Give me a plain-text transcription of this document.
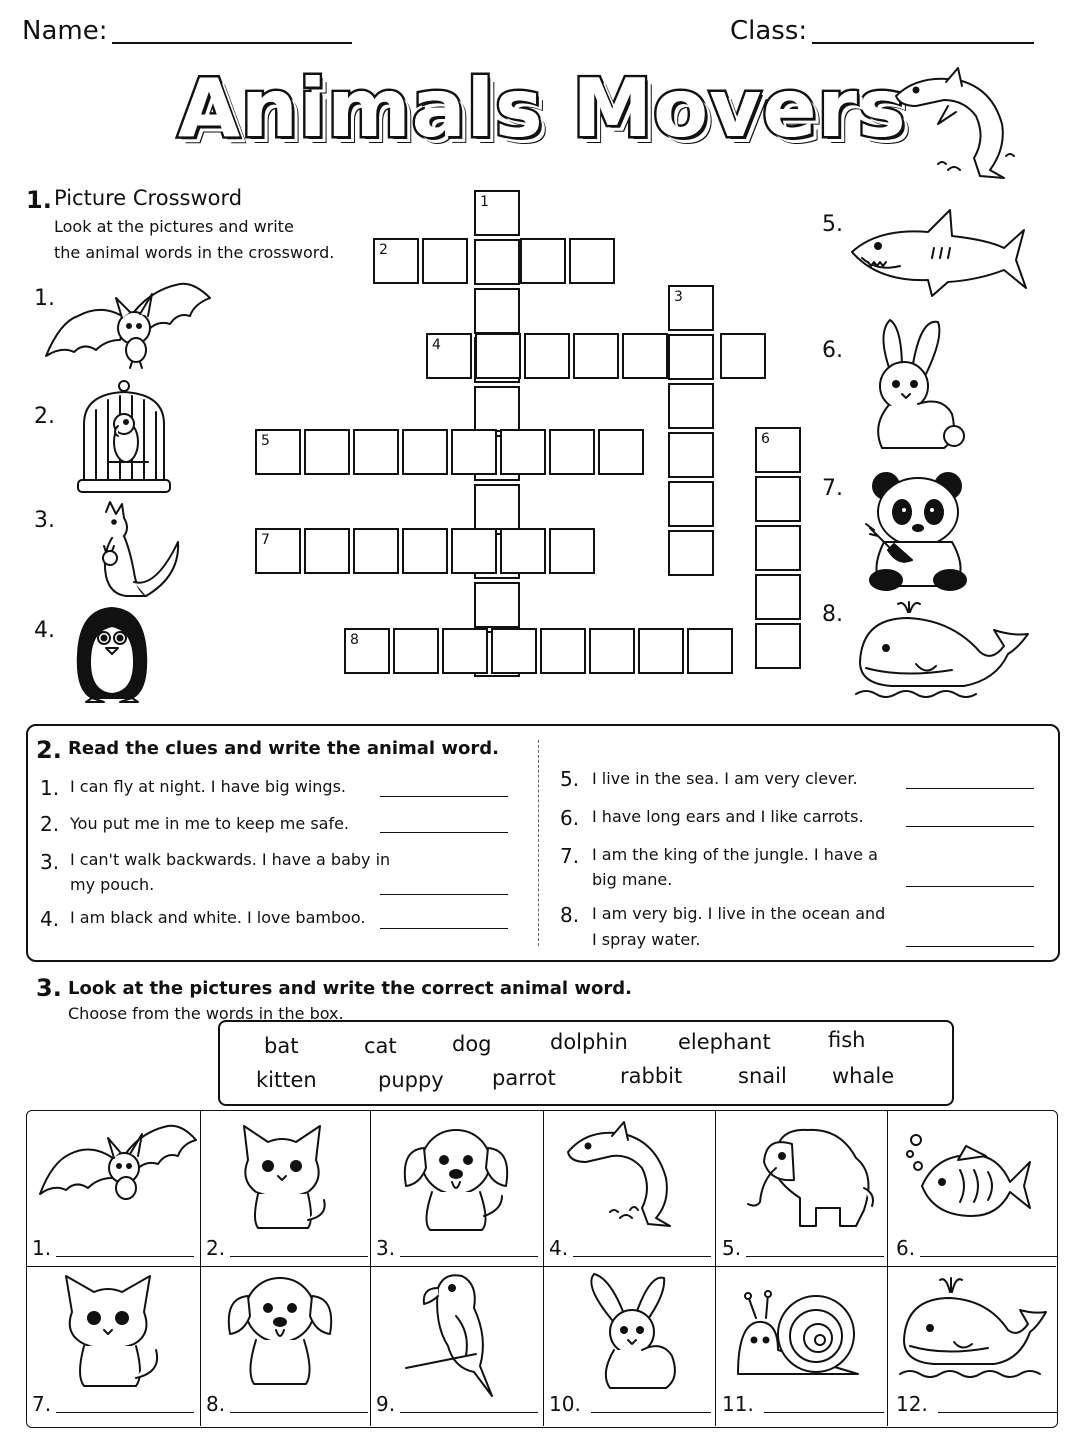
Name:	Class:
Animals Movers
1. Picture Crossword
Look at the pictures and write
the animal words in the crossword.
1.
2.
3.
4.
5.
6.
7.
8.
1
2
3
4
5	6
7
8
2. Read the clues and write the animal word.
1. I can fly at night. I have big wings.
2. You put me in me to keep me safe.
3. I can't walk backwards. I have a baby in
my pouch.
4. I am black and white. I love bamboo.
5. I live in the sea. I am very clever.
6. I have long ears and I like carrots.
7. I am the king of the jungle. I have a
big mane.
8. I am very big. I live in the ocean and
I spray water.
3. Look at the pictures and write the correct animal word.
Choose from the words in the box.
bat	cat	dog	dolphin elephant	fish
kitten	puppy parrot	rabbit	snail whale
1.	2.	3.	4.	5.	6.
7.	8.	9.	10.	11.	12.
